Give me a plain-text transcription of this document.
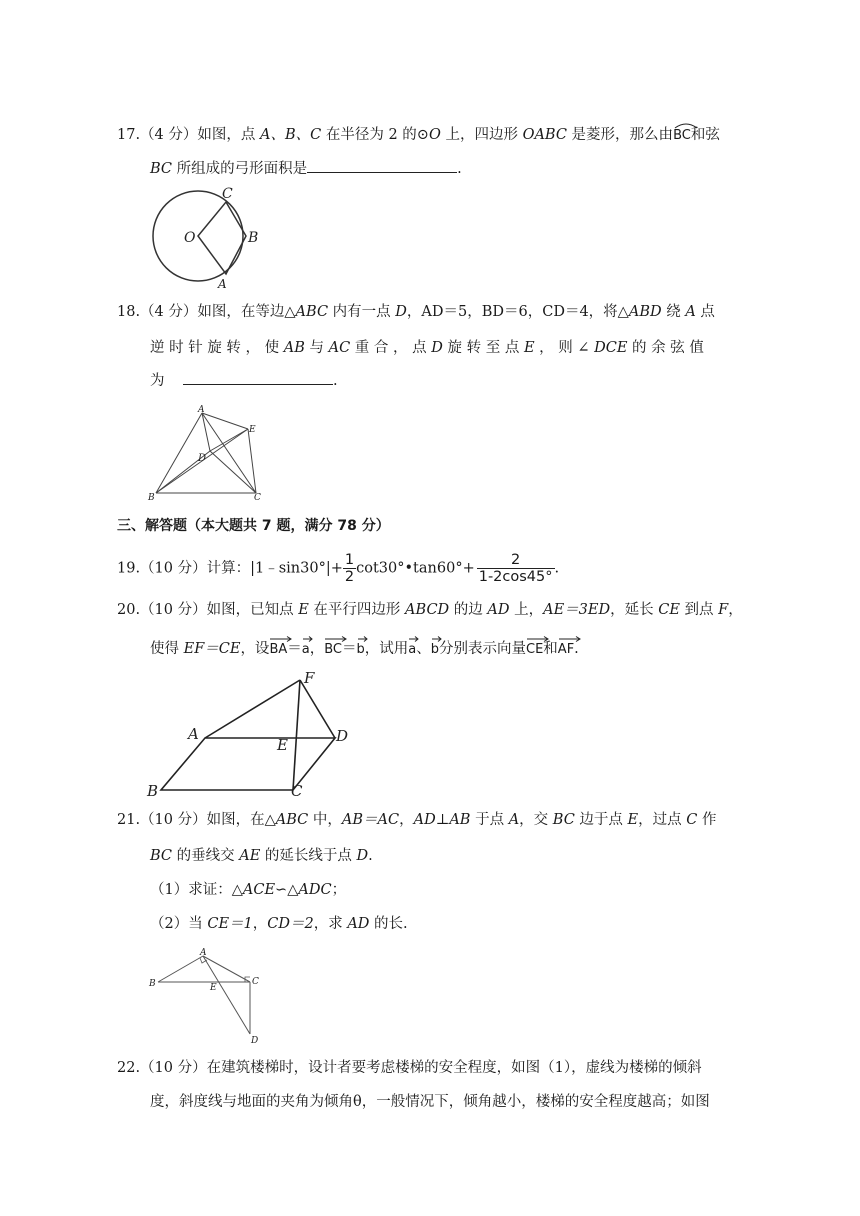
17.（4 分）如图，点 A、B、C 在半径为 2 的⊙O 上，四边形 OABC 是菱形，那么由
BC和弦
BC 所组成的弓形面积是	.
O
C
B
A
18.（4 分）如图，在等边△ABC 内有一点 D，AD＝5，BD＝6，CD＝4，将△ABD 绕 A 点
逆 时 针 旋 转 ， 使 AB 与 AC 重 合 ， 点 D 旋 转 至 点 E ， 则 ∠ DCE 的 余 弦 值
为	.
A
E
D
B	C
三、解答题（本大题共 7 题，满分 78 分）
19.（10 分）计算：|1﹣sin30°|+ $\frac{1}{2}$ cot30°•tan60°+ $\frac{2}{1-2\cos 45^\circ}$ .
20.（10 分）如图，已知点 E 在平行四边形 ABCD 的边 AD 上，AE＝3ED，延长 CE 到点 F，
使得 EF＝CE，设
BA＝
a，
BC＝
b，试用
a、
b分别表示向量
CE和
AF.
A
F
D
E
B	C
21.（10 分）如图，在△ABC 中，AB＝AC，AD⊥AB 于点 A，交 BC 边于点 E，过点 C 作
BC 的垂线交 AE 的延长线于点 D.
（1）求证：△ACE∽△ADC；
（2）当 CE＝1，CD＝2，求 AD 的长.
A
B	C
E
D
22.（10 分）在建筑楼梯时，设计者要考虑楼梯的安全程度，如图（1），虚线为楼梯的倾斜
度，斜度线与地面的夹角为倾角θ，一般情况下，倾角越小，楼梯的安全程度越高；如图
